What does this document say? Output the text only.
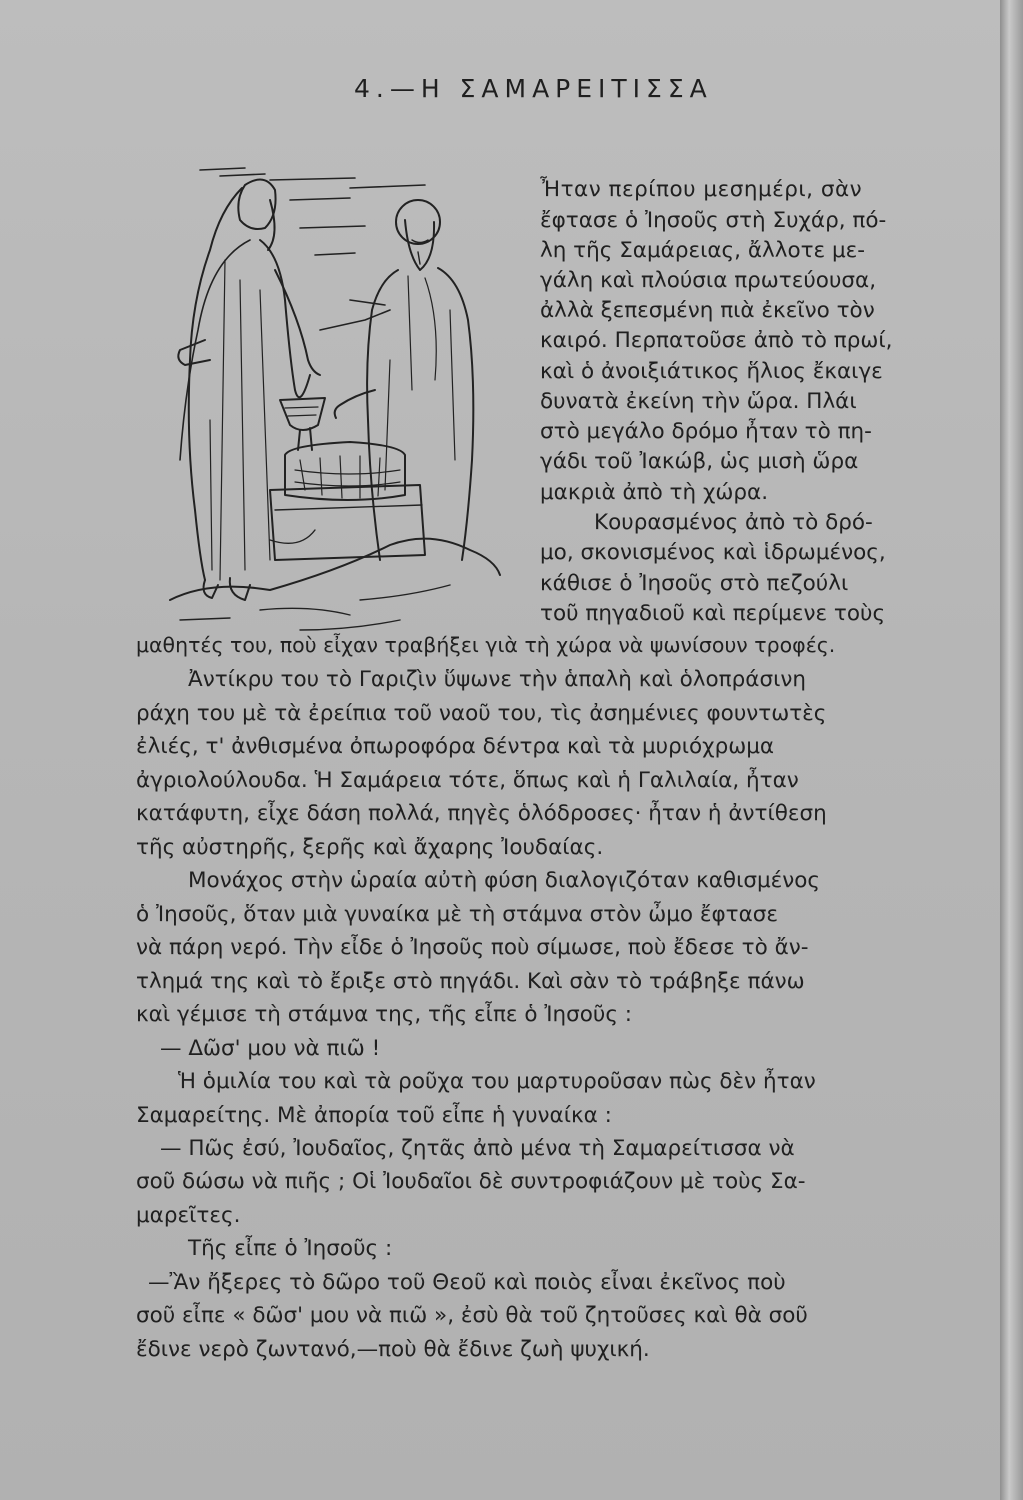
4.—Η ΣΑΜΑΡΕΙΤΙΣΣΑ

Ἦταν περίπου μεσημέρι, σὰν

ἔφτασε ὁ Ἰησοῦς στὴ Συχάρ, πό-

λη τῆς Σαμάρειας, ἄλλοτε με-

γάλη καὶ πλούσια πρωτεύουσα,

ἀλλὰ ξεπεσμένη πιὰ ἐκεῖνο τὸν

καιρό. Περπατοῦσε ἀπὸ τὸ πρωί,

καὶ ὁ ἀνοιξιάτικος ἥλιος ἔκαιγε

δυνατὰ ἐκείνη τὴν ὥρα. Πλάι

στὸ μεγάλο δρόμο ἦταν τὸ πη-

γάδι τοῦ Ἰακώβ, ὡς μισὴ ὥρα

μακριὰ ἀπὸ τὴ χώρα.

Κουρασμένος ἀπὸ τὸ δρό-

μο, σκονισμένος καὶ ἱδρωμένος,

κάθισε ὁ Ἰησοῦς στὸ πεζούλι

τοῦ πηγαδιοῦ καὶ περίμενε τοὺς

μαθητές του, ποὺ εἶχαν τραβήξει γιὰ τὴ χώρα νὰ ψωνίσουν τροφές.

Ἀντίκρυ του τὸ Γαριζὶν ὕψωνε τὴν ἁπαλὴ καὶ ὁλοπράσινη

ράχη του μὲ τὰ ἐρείπια τοῦ ναοῦ του, τὶς ἀσημένιες φουντωτὲς

ἐλιές, τ' ἀνθισμένα ὀπωροφόρα δέντρα καὶ τὰ μυριόχρωμα

ἀγριολούλουδα. Ἡ Σαμάρεια τότε, ὅπως καὶ ἡ Γαλιλαία, ἦταν

κατάφυτη, εἶχε δάση πολλά, πηγὲς ὁλόδροσες· ἦταν ἡ ἀντίθεση

τῆς αὐστηρῆς, ξερῆς καὶ ἄχαρης Ἰουδαίας.

Μονάχος στὴν ὡραία αὐτὴ φύση διαλογιζόταν καθισμένος

ὁ Ἰησοῦς, ὅταν μιὰ γυναίκα μὲ τὴ στάμνα στὸν ὦμο ἔφτασε

νὰ πάρη νερό. Τὴν εἶδε ὁ Ἰησοῦς ποὺ σίμωσε, ποὺ ἔδεσε τὸ ἄν-

τλημά της καὶ τὸ ἔριξε στὸ πηγάδι. Καὶ σὰν τὸ τράβηξε πάνω

καὶ γέμισε τὴ στάμνα της, τῆς εἶπε ὁ Ἰησοῦς :

— Δῶσ' μου νὰ πιῶ !

Ἡ ὁμιλία του καὶ τὰ ροῦχα του μαρτυροῦσαν πὼς δὲν ἦταν

Σαμαρείτης. Μὲ ἀπορία τοῦ εἶπε ἡ γυναίκα :

— Πῶς ἐσύ, Ἰουδαῖος, ζητᾶς ἀπὸ μένα τὴ Σαμαρείτισσα νὰ

σοῦ δώσω νὰ πιῆς ; Οἱ Ἰουδαῖοι δὲ συντροφιάζουν μὲ τοὺς Σα-

μαρεῖτες.

Τῆς εἶπε ὁ Ἰησοῦς :

—Ἂν ἤξερες τὸ δῶρο τοῦ Θεοῦ καὶ ποιὸς εἶναι ἐκεῖνος ποὺ

σοῦ εἶπε « δῶσ' μου νὰ πιῶ », ἐσὺ θὰ τοῦ ζητοῦσες καὶ θὰ σοῦ

ἔδινε νερὸ ζωντανό,—ποὺ θὰ ἔδινε ζωὴ ψυχική.
